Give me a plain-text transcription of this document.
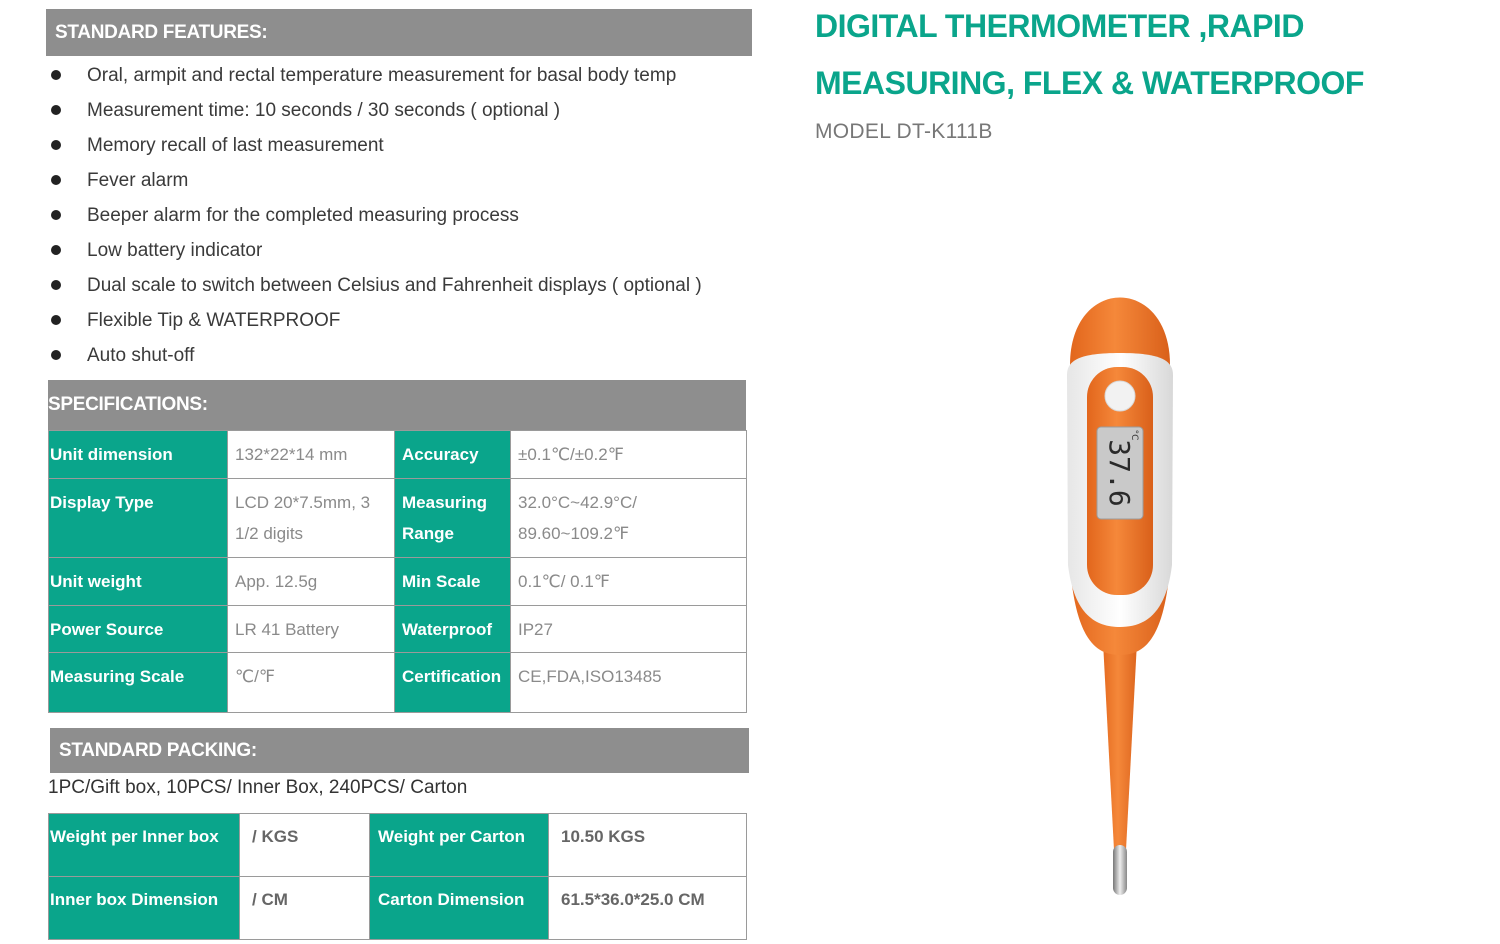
STANDARD FEATURES:
Oral, armpit and rectal temperature measurement for basal body temp
Measurement time: 10 seconds / 30 seconds ( optional )
Memory recall of last measurement
Fever alarm
Beeper alarm for the completed measuring process
Low battery indicator
Dual scale to switch between Celsius and Fahrenheit displays ( optional )
Flexible Tip & WATERPROOF
Auto shut-off
SPECIFICATIONS:
Unit dimension	132*22*14 mm	Accuracy	±0.1℃/±0.2℉
Display Type	LCD 20*7.5mm, 3 1/2 digits	Measuring Range	32.0°C~42.9°C/ 89.60~109.2℉
Unit weight	App. 12.5g	Min Scale	0.1℃/ 0.1℉
Power Source	LR 41 Battery	Waterproof	IP27
Measuring Scale	℃/℉	Certification	CE,FDA,ISO13485
STANDARD PACKING:
1PC/Gift box, 10PCS/ Inner Box, 240PCS/ Carton
Weight per Inner box	/ KGS	Weight per Carton	10.50 KGS
Inner box Dimension	/ CM	Carton Dimension	61.5*36.0*25.0 CM
DIGITAL THERMOMETER ,RAPID
MEASURING, FLEX & WATERPROOF
MODEL DT-K111B
37.6
°C
